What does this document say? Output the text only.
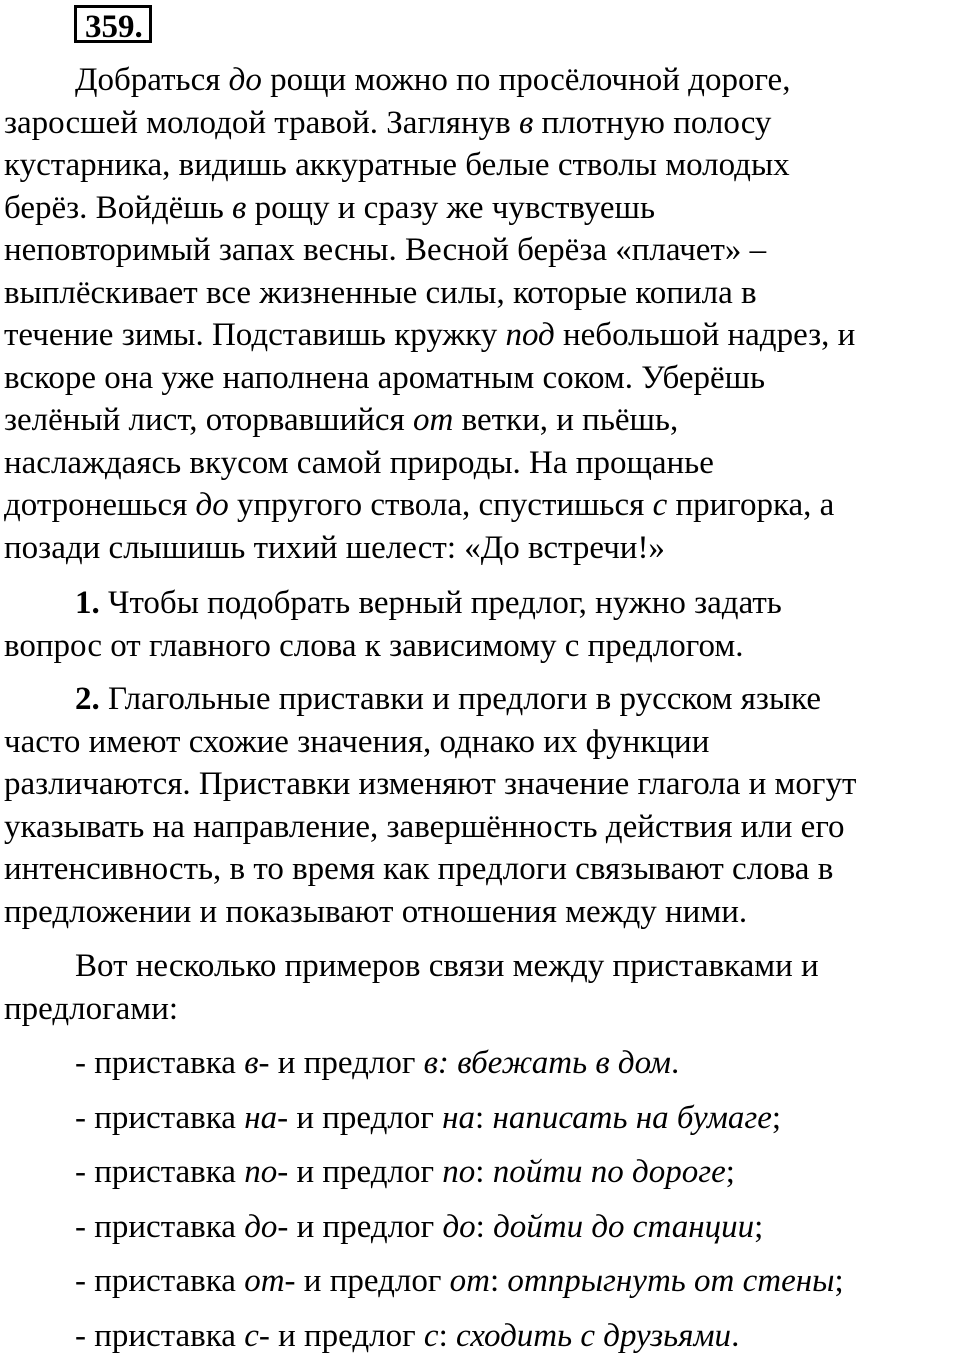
359.
Добраться до рощи можно по просёлочной дороге,
заросшей молодой травой. Заглянув в плотную полосу
кустарника, видишь аккуратные белые стволы молодых
берёз. Войдёшь в рощу и сразу же чувствуешь
неповторимый запах весны. Весной берёза «плачет» –
выплёскивает все жизненные силы, которые копила в
течение зимы. Подставишь кружку под небольшой надрез, и
вскоре она уже наполнена ароматным соком. Уберёшь
зелёный лист, оторвавшийся от ветки, и пьёшь,
наслаждаясь вкусом самой природы. На прощанье
дотронешься до упругого ствола, спустишься с пригорка, а
позади слышишь тихий шелест: «До встречи!»
1. Чтобы подобрать верный предлог, нужно задать
вопрос от главного слова к зависимому с предлогом.
2. Глагольные приставки и предлоги в русском языке
часто имеют схожие значения, однако их функции
различаются. Приставки изменяют значение глагола и могут
указывать на направление, завершённость действия или его
интенсивность, в то время как предлоги связывают слова в
предложении и показывают отношения между ними.
Вот несколько примеров связи между приставками и
предлогами:
- приставка в- и предлог в: вбежать в дом.
- приставка на- и предлог на: написать на бумаге;
- приставка по- и предлог по: пойти по дороге;
- приставка до- и предлог до: дойти до станции;
- приставка от- и предлог от: отпрыгнуть от стены;
- приставка с- и предлог с: сходить с друзьями.
